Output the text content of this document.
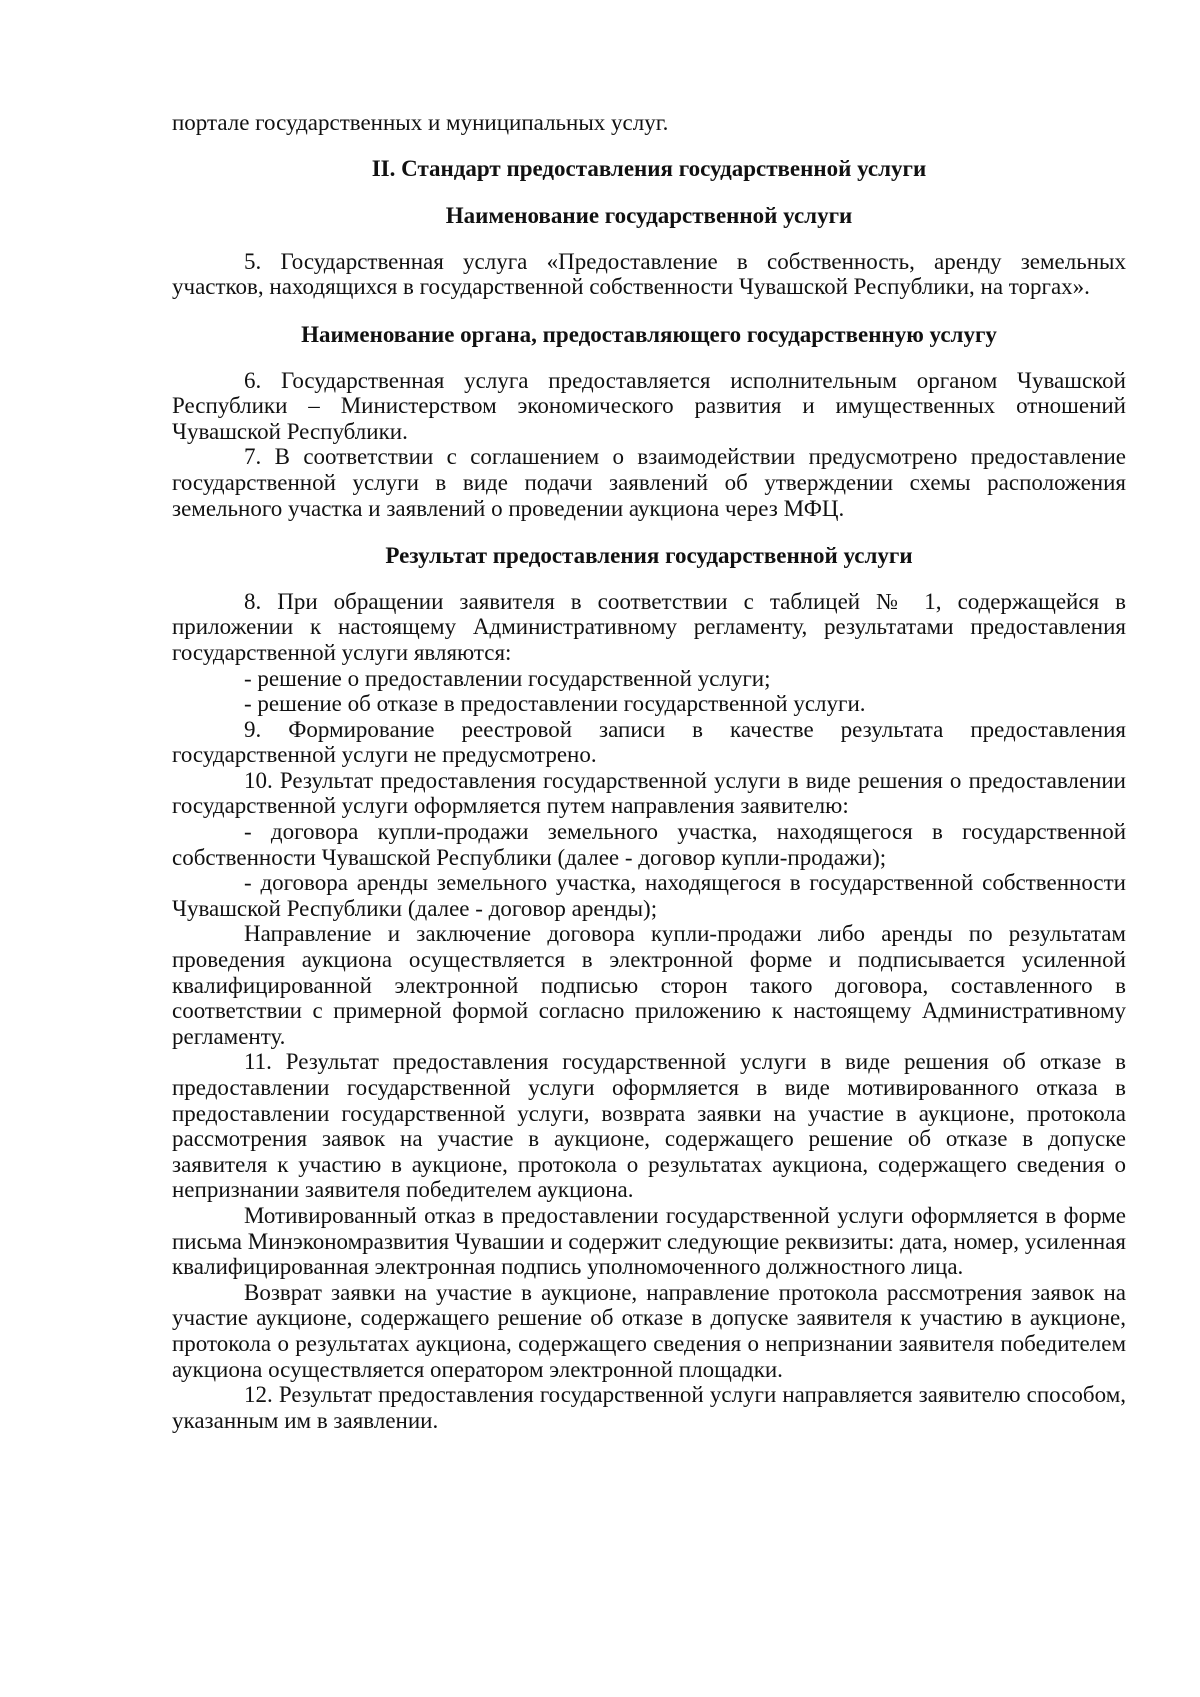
портале государственных и муниципальных услуг.

II. Стандарт предоставления государственной услуги
Наименование государственной услуги

5. Государственная услуга «Предоставление в собственность, аренду земельных участков, находящихся в государственной собственности Чувашской Республики, на торгах».

Наименование органа, предоставляющего государственную услугу

6. Государственная услуга предоставляется исполнительным органом Чувашской Республики – Министерством экономического развития и имущественных отношений Чувашской Республики.

7. В соответствии с соглашением о взаимодействии предусмотрено предоставление государственной услуги в виде подачи заявлений об утверждении схемы расположения земельного участка и заявлений о проведении аукциона через МФЦ.

Результат предоставления государственной услуги

8. При обращении заявителя в соответствии с таблицей № 1, содержащейся в приложении к настоящему Административному регламенту, результатами предоставления государственной услуги являются:

- решение о предоставлении государственной услуги;

- решение об отказе в предоставлении государственной услуги.

9. Формирование реестровой записи в качестве результата предоставления государственной услуги не предусмотрено.

10. Результат предоставления государственной услуги в виде решения о предоставлении государственной услуги оформляется путем направления заявителю:

- договора купли-продажи земельного участка, находящегося в государственной собственности Чувашской Республики (далее - договор купли-продажи);

- договора аренды земельного участка, находящегося в государственной собственности Чувашской Республики (далее - договор аренды);

Направление и заключение договора купли-продажи либо аренды по результатам проведения аукциона осуществляется в электронной форме и подписывается усиленной квалифицированной электронной подписью сторон такого договора, составленного в соответствии с примерной формой согласно приложению к настоящему Административному регламенту.

11. Результат предоставления государственной услуги в виде решения об отказе в предоставлении государственной услуги оформляется в виде мотивированного отказа в предоставлении государственной услуги, возврата заявки на участие в аукционе, протокола рассмотрения заявок на участие в аукционе, содержащего решение об отказе в допуске заявителя к участию в аукционе, протокола о результатах аукциона, содержащего сведения о непризнании заявителя победителем аукциона.

Мотивированный отказ в предоставлении государственной услуги оформляется в форме письма Минэкономразвития Чувашии и содержит следующие реквизиты: дата, номер, усиленная квалифицированная электронная подпись уполномоченного должностного лица.

Возврат заявки на участие в аукционе, направление протокола рассмотрения заявок на участие аукционе, содержащего решение об отказе в допуске заявителя к участию в аукционе, протокола о результатах аукциона, содержащего сведения о непризнании заявителя победителем аукциона осуществляется оператором электронной площадки.

12. Результат предоставления государственной услуги направляется заявителю способом, указанным им в заявлении.
